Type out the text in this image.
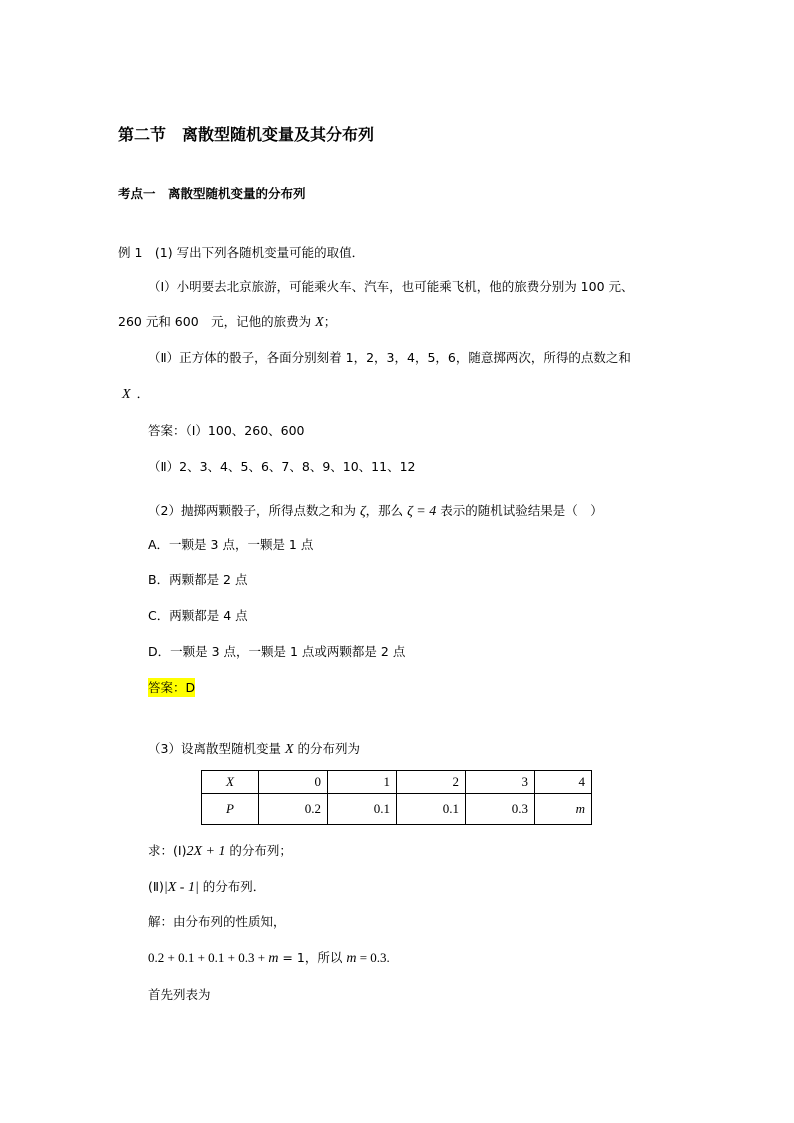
第二节　离散型随机变量及其分布列
考点一　离散型随机变量的分布列
例 1　(1) 写出下列各随机变量可能的取值．
（Ⅰ）小明要去北京旅游，可能乘火车、汽车，也可能乘飞机，他的旅费分别为 100 元、
260 元和 600　元，记他的旅费为 X；
（Ⅱ）正方体的骰子，各面分别刻着 1，2，3，4，5，6，随意掷两次，所得的点数之和
X ．
答案：（Ⅰ）100、260、600
（Ⅱ）2、3、4、5、6、7、8、9、10、11、12
（2）抛掷两颗骰子，所得点数之和为 ζ，那么 ζ = 4 表示的随机试验结果是（　）
A．一颗是 3 点，一颗是 1 点
B．两颗都是 2 点
C．两颗都是 4 点
D．一颗是 3 点，一颗是 1 点或两颗都是 2 点
答案：D
（3）设离散型随机变量 X 的分布列为
X	0	1	2	3	4
P	0.2	0.1	0.1	0.3	m
求：(Ⅰ)2X + 1 的分布列；
(Ⅱ)|X - 1| 的分布列．
解：由分布列的性质知，
0.2 + 0.1 + 0.1 + 0.3 + m = 1，所以 m = 0.3.
首先列表为
